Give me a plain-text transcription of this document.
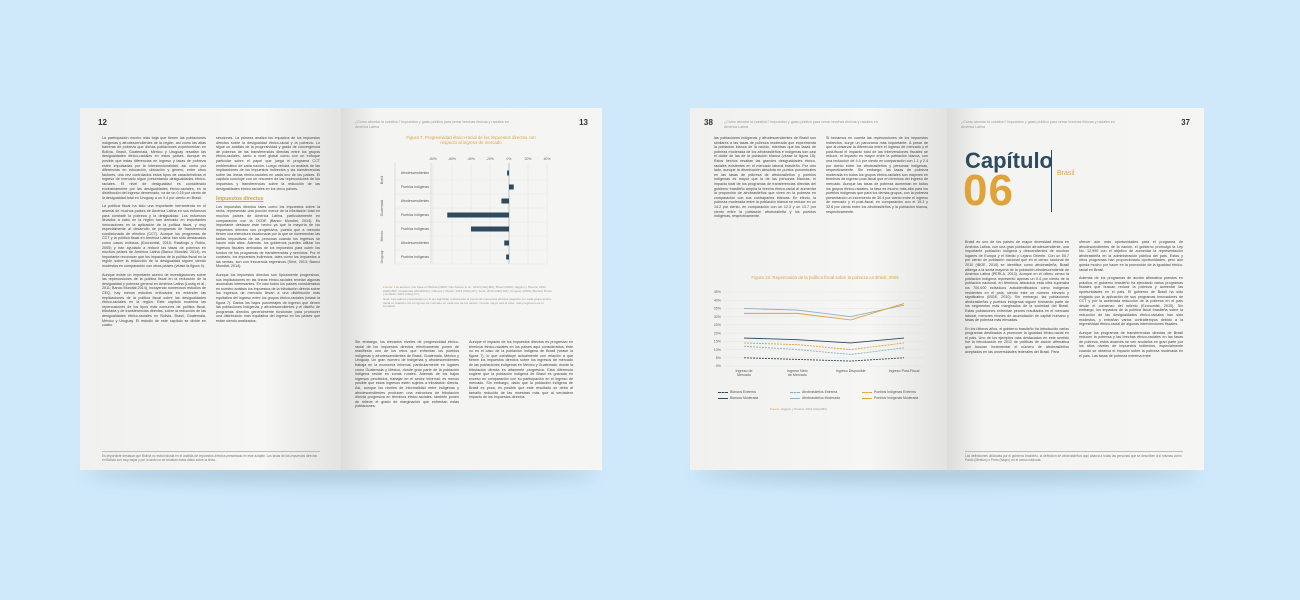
12

La participación mucho más baja que tienen las poblaciones indígenas y afrodescendientes de la región, así como las altas barreras de pobreza que dichas poblaciones experimentan en Bolivia, Brasil, Guatemala, México y Uruguay resaltan las desigualdades étnico-raciales en estos países. Aunque es posible que estas diferencias en ingreso y tasas de pobreza estén impulsadas por la interseccionalidad, así como por diferencias en educación, ubicación y género, entre otros factores, una vez controlados estos tipos de características el ingreso de mercado sigue presentando desigualdades étnico-raciales. El nivel de desigualdad es considerado exclusivamente por las desigualdades étnico-raciales, en la distribución del ingreso demercado, va de un 0.16 por ciento de la desigualdad total en Uruguay a un 9.4 por ciento en Brasil.

La política fiscal ha sido una importante herramienta en el arsenal de muchos países de América Latina en sus esfuerzos para combatir la pobreza y la desigualdad. Los esfuerzos llevados a cabo en la región han derivado en importantes innovaciones en la aplicación de la política fiscal, y muy especialmente al desarrollo de programas de transferencia condicionada de efectivo (CCT). Aunque los programas de CCT y la política fiscal en América Latina han sido destacados como casos exitosos (Economist, 2015; Rawlings y Rubio, 2005) y han ayudado a reducir las tasas de pobreza en muchos países de América Latina (Banco Mundial, 2014), es importante reconocer que los impactos de la política fiscal en la región sobre la reducción de la desigualdad siguen siendo modestos en comparación con otras países (véase la figura 4).

Aunque existe un importante acervo de investigaciones sobre las repercusiones de la política fiscal en la reducción de la desigualdad y pobreza general en América Latina (Lustig et al., 2011; Banco Mundial 2014), incluyendo numerosos estudios de CEQ, hay menos estudios enfocados en entender las implicaciones de la política fiscal sobre las desigualdades étnico-raciales en la región. Este capítulo examina las repercusiones de los tipos más comunes de política fiscal, tributaria y de transferencias directas, sobre la reducción de las desigualdades étnico-raciales en Bolivia, Brasil, Guatemala, México y Uruguay. El estudio de este capítulo se divide en cuatro

secciones. La primera analiza los impactos de los impuestos directos sobre la desigualdad étnico-racial y la pobreza. Lo sigue un análisis de la progresividad y grado de convergencia de pobreza de las transferencias directas entre los grupos étnico-raciales, tanto a nivel global como con un enfoque particular sobre el papel que juega el programa CCT emblemático de cada nación. Luego vendrá un análisis de las implicaciones de los impuestos indirectos y las transferencias sobre las líneas étnico-raciales en cada uno de los países. El capítulo concluye con un resumen de las repercusiones de los impuestos y transferencias sobre la reducción de las desigualdades étnico-raciales en los cinco países.

Impuestos directos

Los impuestos directos tales como los impuestos sobre la renta, representan una porción menor de la tributación total en muchos países de América Latina, particularmente en comparación con la OCDE (Banco Mundial, 2014). Es importante destacar este hecho ya que la mayoría de los impuestos directos son progresivos, puesto que a menudo tienen una estructura escalonada por la que se incrementan las tarifas impositivas de las personas cuando los ingresos se hacen más altos. Además, los gobiernos pueden utilizar los ingresos fiscales derivados de los impuestos para cubrir los fondos de los programas de transferencias y servicios. Por el contrario, los impuestos indirectos, tales como los impuestos a las ventas, son con frecuencia regresivos (Sirut, 2013; Banco Mundial, 2014).

Aunque los impuestos directos son típicamente progresivos, sus implicaciones en las líneas étnico-raciales revelan algunas anomalías interesantes. En casi todos los países considerados en nuestro análisis los impuestos de la tributación directa sobre los ingresos de mercado llevan a una distribución más equitativa del ingreso entre los grupos étnico-raciales (véase la figura 7). Dados los bajos porcentajes de ingreso que tienen las poblaciones indígenas y afrodescendientes y el diseño de programas directos generalmente funcionan para promover una distribución más equitativa del ingreso en los países que están siendo analizados.

Es importante destacar que Bolivia no está incluida en el análisis de impuestos directos presentado en este acápite. Los tasas de los impuestos directos en Bolivia son muy bajas y por lo tanto no se recaban estos datos sobre la línea.
¿Cómo abordar la cuestión? Impuestos y gasto público para cerrar brechas étnicas y raciales en América Latina	13
Figura 7. Progresividad étnico-racial de los impuestos directos con respecto al ingreso de mercado
-80%	-60%	-40%	-20%	0%	20%	40%
Afrodescendientes
Pueblos indígenas
Afrodescendientes
Pueblos indígenas
Pueblos indígenas
Afrodescendientes
Pueblos indígenas
Brasil
Guatemala
México
Uruguay
Fuente: Los autores, con base en Bolivia (2009); Paz Arauco et al., 2013 (CEQ-BO); Brasil (2009); Higgins y Pereira, 2013 (CEQ-BR); Guatemala (2010/2011); Cabrera y Moran, 2015 (CEQ-GT); Scott, 2013 (CEQ-MX); Uruguay (2009); Bucheli, Rossi y Amábile, 2013 (CEQ-UY).
Nota: Las valores presentados en el eje significan representan el monto de impuestos directos pagados por cada grupo étnico-racial en relación con el ingreso de mercado en cada uno de los países. Cuanto mayor sea el valor, más progresivo es el impuesto.

Sin embargo, los elevados niveles de progresividad étnico-racial de los impuestos directos efectivamente ponen de manifiesto uno de los retos que enfrentan los pueblos indígenas y afrodescendientes de Brasil, Guatemala, México y Uruguay. Un gran número de indígenas y afrodescendientes trabaja en la economía informal, particularmente en lugares como Guatemala y México, donde gran parte de la población indígena reside en zonas rurales. Además de los bajos ingresos percibidos, trabajar en el sector informal, es menos posible que estos ingresos estén sujetos a tributación directa. Así, aunque los niveles de informalidad entre indígenas y afrodescendientes producen una estructura de tributación directa progresiva en términos étnico-raciales, también ponen de relieve el grado de marginación que enfrentan estas poblaciones.

Aunque el impacto de los impuestos directos es progresivo en términos étnico-raciales en los países aquí considerados, éste no es el caso de la población indígena de Brasil (véase la figura 7), lo que constituye actualmente con relación a que tienen los impuestos directos sobre los ingresos de mercado de las poblaciones indígenas en México y Guatemala, donde la tributación directa es altamente progresiva. Esta diferencia sugiere que la población indígena de Brasil es gravada en exceso en comparación con su participación en el ingreso de mercado. Sin embargo, dado que la población indígena de Brasil es poca, es posible que este resultado se deba al tamaño reducido de las muestras más que al verdadero impacto de los impuestos directos.

38	¿Cómo abordar la cuestión? Impuestos y gasto público para cerrar brechas étnicas y raciales en América Latina

las poblaciones indígenas y afrodescendientes de Brasil son similares a las tasas de pobreza moderada que experimenta la población blanca de la nación, mientras que las tasas de pobreza moderada de los afrobrasileños e indígenas son casi el doble de las de la población blanca (véase la figura 18). Estos hechos resaltan las grandes desigualdades étnico-raciales existentes en el mercado laboral brasileño. Por otro lado, aunque la disminución absoluta en puntos porcentuales en las tasas de pobreza de afrobrasileños y pueblos indígenas es mayor que la de las personas blancas, el impacto total de los programas de transferencias directas del gobierno brasileño amplía la brecha étnico-racial al aumentar la proporción de afrobrasileños que viven en la pobreza en comparación con sus contrapartes blancas. En efecto, la pobreza moderada entre la población blanca se reduce en un 14.2 por ciento, en comparación con un 12.3 y un 13.7 por ciento entre la población afrobrasileña y los pueblos indígenas, respectivamente.

Si tomamos en cuenta las repercusiones de los impuestos indirectos, surge un panorama más inquietante. A pesar de que al observar la diferencia entre el ingreso de mercado y el post-fiscal el impacto total de las intervenciones fiscales se reduce, el impacto es mayor entre la población blanca, con una reducción de 4.4 por ciento en comparación con 1.1 y 2.4 por ciento entre los afrobrasileños y personas indígenas, respectivamente. Sin embargo, las tasas de pobreza moderada en todos los grupos étnico-raciales son mayores en términos de ingreso post-fiscal que en términos del ingreso de mercado. Aunque las tasas de pobreza aumentan en todos los grupos étnico-raciales, la tasa es mucho más alta para los pueblos indígenas que para los demás grupos, con la pobreza presentando un incremento de 30.4 por ciento entre el ingreso de mercado y el post-fiscal, en comparación con el 15.3 y 32.6 por ciento entre los afrobrasileños y la población blanca, respectivamente.

Figura 18. Repercusión de la política fiscal sobre la pobreza en Brasil, 2009
45%
40%
35%
30%
25%
20%
15%
10%
5%
0%
Ingreso de Mercado
Ingreso Neto de Mercado
Ingreso Disponible	Ingreso Post-Fiscal
Blancos Extrema	Afrobrasileños Extrema	Pueblos Indígenas Extrema
Blancos Moderada	Afrobrasileños Moderada	Pueblos Indígenas Moderada
Fuente: Higgins y Pereira, 2013 (CEQ-BR).
¿Cómo abordar la cuestión? Impuestos y gasto público para cerrar brechas étnicas y raciales en América Latina	37
Capítulo
06	Brasil

Brasil es uno de los países de mayor diversidad étnica en América Latina, con una gran población afrodescendiente, una importante población indígena y descendientes de muchos lugares de Europa y el Medio y Lejano Oriente. Con un 50.7 por ciento de población nacional que en el censo nacional de 2010 (IBGE, 2010) se identifica como afrobrasileña, Brasil alberga a la sexta mayoría de la población afrodescendiente de América Latina (PERLA, 2013). Aunque en el último censo la población indígena representó apenas un 0.4 por ciento de la población nacional, en términos absolutos esta cifra superaba los 700,000 individuos autoidentificados como indígenas residentes en el país, siendo éste un número elevado y significativo (IBGE, 2010). Sin embargo, las poblaciones afrobrasileñas y pueblos indígenas siguen formando parte de los segmentos más marginados de la sociedad del Brasil. Estas poblaciones enfrentan peores resultados en el mercado laboral, menores niveles de acumulación de capital humano y tasas de pobreza más elevadas.

En los últimos años, el gobierno brasileño ha introducido varios programas destinados a promover la igualdad étnico-racial en el país. Uno de los ejemplos más destacados en este sentido fue la introducción en 2012 de políticas de acción afirmativa que buscan incrementar el número de afrobrasileños aceptados en las universidades federales del Brasil. Para

ofrecer aún más oportunidades para el programa de afrodescendientes de la nación, el gobierno promulgó la Ley No. 12,990 con el objetivo de aumentar la representación afrobrasileña en la administración pública del país. Estos y otros programas han proporcionado oportunidades, pero aún queda mucho por hacer en la promoción de la igualdad étnico-racial en Brasil.

Además de los programas de acción afirmativa puestos en práctica, el gobierno brasileño ha ejecutado varios programas fiscales que buscan reducir la pobreza y aumentar las oportunidades en el país. El gobierno de Brasil ha sido elogiado por la aplicación de sus programas innovadores de CCT y por la acelerada reducción de la pobreza en el país desde el comienzo del milenio (Economist, 2015). Sin embargo, los impactos de la política fiscal brasileña sobre la reducción de las desigualdades étnico-raciales han sido modestos, y entrañan varios contratiempos debido a la regresividad étnico-racial de algunas intervenciones fiscales.

Aunque los programas de transferencias directas de Brasil reducen la pobreza y las brechas étnico-raciales en las tasas de pobreza, estos avances se ven anulados en gran parte por los altos niveles de impuestos indirectos, especialmente cuando se observa el impacto sobre la pobreza moderada en el país. Las tasas de pobreza extrema entre

Las definiciones utilizadas por el gobierno brasileño, la definición de afrobrasileños aquí abarca a todas las personas que se describen a sí mismas como Pardo (Mestizo) o Preto (Negro) en el censo nacional.
